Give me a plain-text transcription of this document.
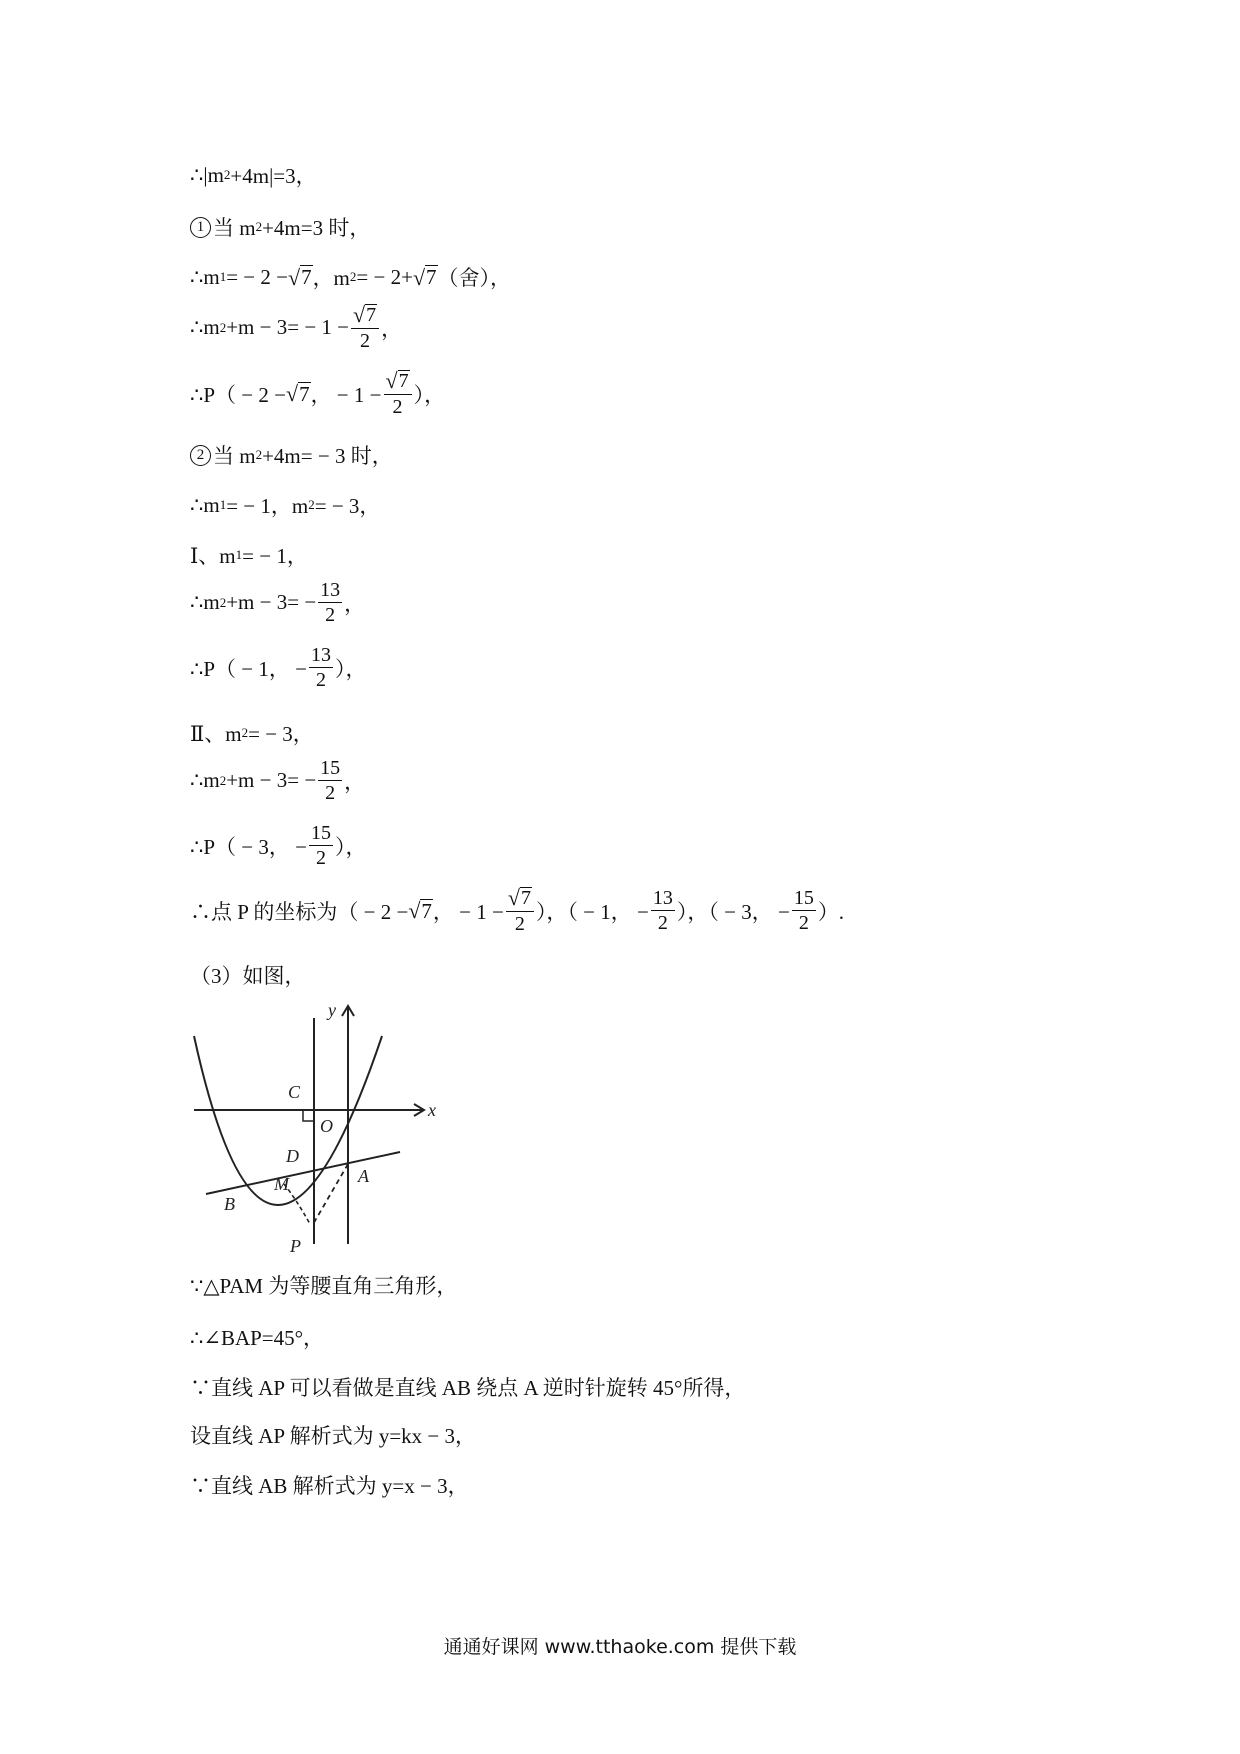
∴|m 2 +4m|=3，
1 当 m 2 +4m=3 时，
∴m 1 = − 2 − √ 7 ，m 2 = − 2+ √ 7 （舍），
∴m $2 +m - 3= - 1 - \frac{√ 7}{2}$ ，
∴P（ − 2 − √ 7 ， − $1 - \frac{√ 7}{2}$ ），
2 当 m 2 +4m= − 3 时，
∴m 1 = − 1，m 2 = − 3，
Ⅰ、m 1 = − 1，
∴m $2 +m - 3= - \frac{13}{2}$ ，
∴P（ − 1， − $\frac{13}{2}$ ），
Ⅱ、m 2 = − 3，
∴m $2 +m - 3= - \frac{15}{2}$ ，
∴P（ − 3， − $\frac{15}{2}$ ），
∴点 P 的坐标为（ − 2 − √ 7 ， − $1 - \frac{√ 7}{2}$ ），（ − 1， − $\frac{13}{2}$ ），（ − 3， − $\frac{15}{2}$ ）.
（3）如图，
y
x
C
O
D
M	A
B
P
∵△PAM 为等腰直角三角形，
∴∠BAP=45°，
∵直线 AP 可以看做是直线 AB 绕点 A 逆时针旋转 45°所得，
设直线 AP 解析式为 y=kx − 3，
∵直线 AB 解析式为 y=x − 3，
通通好课网 www.tthaoke.com 提供下载
